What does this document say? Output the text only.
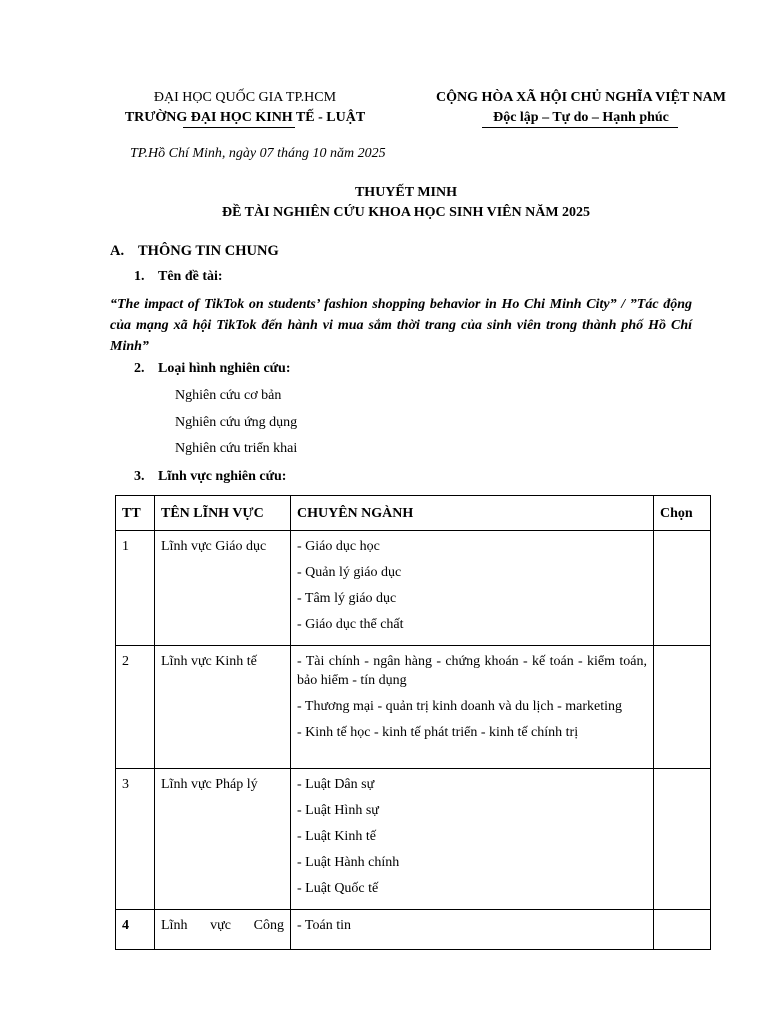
ĐẠI HỌC QUỐC GIA TP.HCM
TRƯỜNG ĐẠI HỌC KINH TẾ - LUẬT
CỘNG HÒA XÃ HỘI CHỦ NGHĨA VIỆT NAM
Độc lập – Tự do – Hạnh phúc
TP.Hồ Chí Minh, ngày 07 tháng 10 năm 2025
THUYẾT MINH
ĐỀ TÀI NGHIÊN CỨU KHOA HỌC SINH VIÊN NĂM 2025
A. THÔNG TIN CHUNG
1. Tên đề tài:
“The impact of TikTok on students’ fashion shopping behavior in Ho Chi Minh City” / ”Tác động của mạng xã hội TikTok đến hành vi mua sắm thời trang của sinh viên trong thành phố Hồ Chí Minh”
2. Loại hình nghiên cứu:
Nghiên cứu cơ bản
Nghiên cứu ứng dụng
Nghiên cứu triển khai
3. Lĩnh vực nghiên cứu:
TT	TÊN LĨNH VỰC	CHUYÊN NGÀNH	Chọn
1	Lĩnh vực Giáo dục	- Giáo dục học
- Quản lý giáo dục
- Tâm lý giáo dục
- Giáo dục thể chất	

2	Lĩnh vực Kinh tế	- Tài chính - ngân hàng - chứng khoán - kế toán - kiểm toán, bảo hiểm - tín dụng
- Thương mại - quản trị kinh doanh và du lịch - marketing
- Kinh tế học - kinh tế phát triển - kinh tế chính trị	

3	Lĩnh vực Pháp lý	- Luật Dân sự
- Luật Hình sự
- Luật Kinh tế
- Luật Hành chính
- Luật Quốc tế	

4	Lĩnh vực Công	- Toán tin	
